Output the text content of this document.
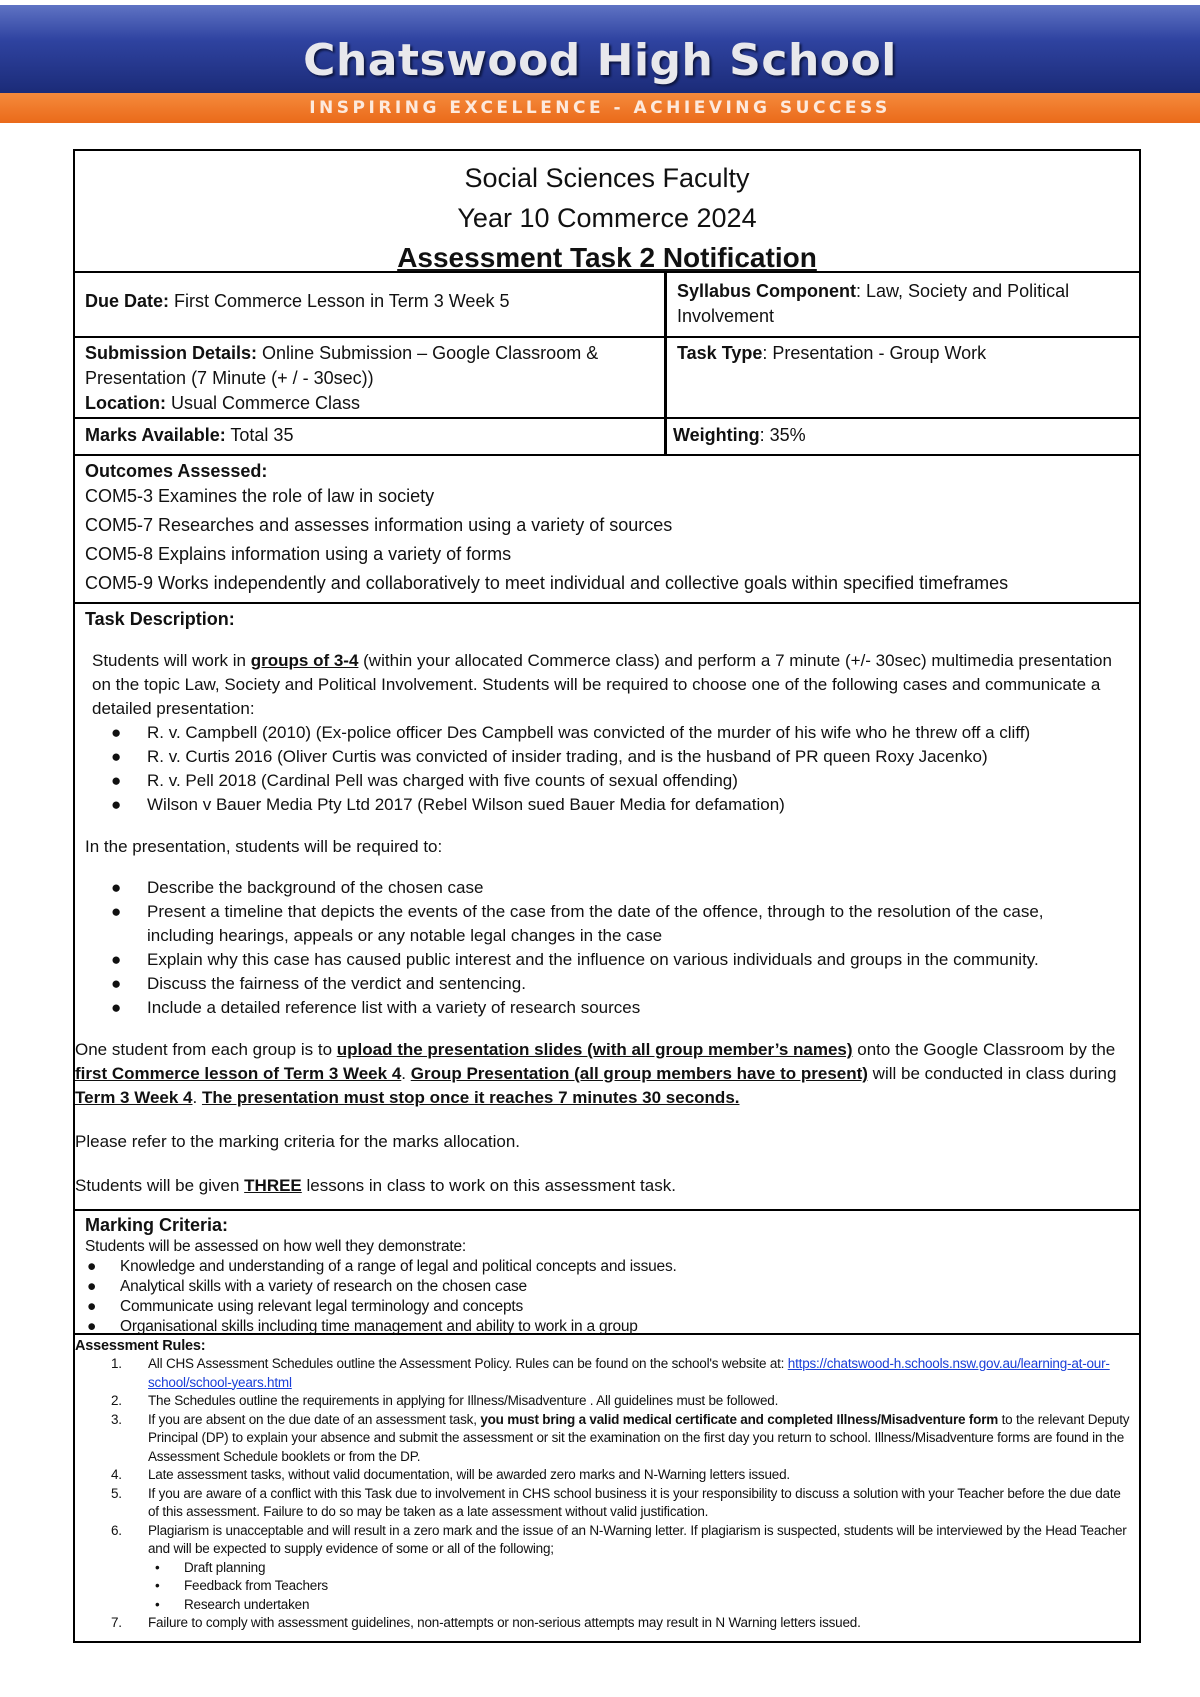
Chatswood High School
INSPIRING EXCELLENCE - ACHIEVING SUCCESS
Social Sciences Faculty
Year 10 Commerce 2024
Assessment Task 2 Notification
Due Date: First Commerce Lesson in Term 3 Week 5	Syllabus Component: Law, Society and Political Involvement
Submission Details: Online Submission – Google Classroom & Presentation (7 Minute (+ / - 30sec))
Location: Usual Commerce Class
Task Type: Presentation - Group Work
Marks Available: Total 35	Weighting: 35%
Outcomes Assessed:
COM5-3 Examines the role of law in society
COM5-7 Researches and assesses information using a variety of sources
COM5-8 Explains information using a variety of forms
COM5-9 Works independently and collaboratively to meet individual and collective goals within specified timeframes
Task Description:
Students will work in groups of 3-4 (within your allocated Commerce class) and perform a 7 minute (+/- 30sec) multimedia presentation on the topic Law, Society and Political Involvement. Students will be required to choose one of the following cases and communicate a detailed presentation:
● R. v. Campbell (2010) (Ex-police officer Des Campbell was convicted of the murder of his wife who he threw off a cliff)
● R. v. Curtis 2016 (Oliver Curtis was convicted of insider trading, and is the husband of PR queen Roxy Jacenko)
● R. v. Pell 2018 (Cardinal Pell was charged with five counts of sexual offending)
● Wilson v Bauer Media Pty Ltd 2017 (Rebel Wilson sued Bauer Media for defamation)
In the presentation, students will be required to:
● Describe the background of the chosen case
● Present a timeline that depicts the events of the case from the date of the offence, through to the resolution of the case, including hearings, appeals or any notable legal changes in the case
● Explain why this case has caused public interest and the influence on various individuals and groups in the community.
● Discuss the fairness of the verdict and sentencing.
● Include a detailed reference list with a variety of research sources
One student from each group is to upload the presentation slides (with all group member’s names) onto the Google Classroom by the first Commerce lesson of Term 3 Week 4. Group Presentation (all group members have to present) will be conducted in class during Term 3 Week 4. The presentation must stop once it reaches 7 minutes 30 seconds.
Please refer to the marking criteria for the marks allocation.
Students will be given THREE lessons in class to work on this assessment task.
Marking Criteria:
Students will be assessed on how well they demonstrate:
● Knowledge and understanding of a range of legal and political concepts and issues.
● Analytical skills with a variety of research on the chosen case
● Communicate using relevant legal terminology and concepts
● Organisational skills including time management and ability to work in a group
Assessment Rules:
1. All CHS Assessment Schedules outline the Assessment Policy. Rules can be found on the school's website at: https://chatswood-h.schools.nsw.gov.au/learning-at-our-school/school-years.html
2. The Schedules outline the requirements in applying for Illness/Misadventure . All guidelines must be followed.
3. If you are absent on the due date of an assessment task, you must bring a valid medical certificate and completed Illness/Misadventure form to the relevant Deputy Principal (DP) to explain your absence and submit the assessment or sit the examination on the first day you return to school. Illness/Misadventure forms are found in the Assessment Schedule booklets or from the DP.
4. Late assessment tasks, without valid documentation, will be awarded zero marks and N-Warning letters issued.
5. If you are aware of a conflict with this Task due to involvement in CHS school business it is your responsibility to discuss a solution with your Teacher before the due date of this assessment. Failure to do so may be taken as a late assessment without valid justification.
6. Plagiarism is unacceptable and will result in a zero mark and the issue of an N-Warning letter. If plagiarism is suspected, students will be interviewed by the Head Teacher and will be expected to supply evidence of some or all of the following;
• Draft planning
• Feedback from Teachers
• Research undertaken
7. Failure to comply with assessment guidelines, non-attempts or non-serious attempts may result in N Warning letters issued.
